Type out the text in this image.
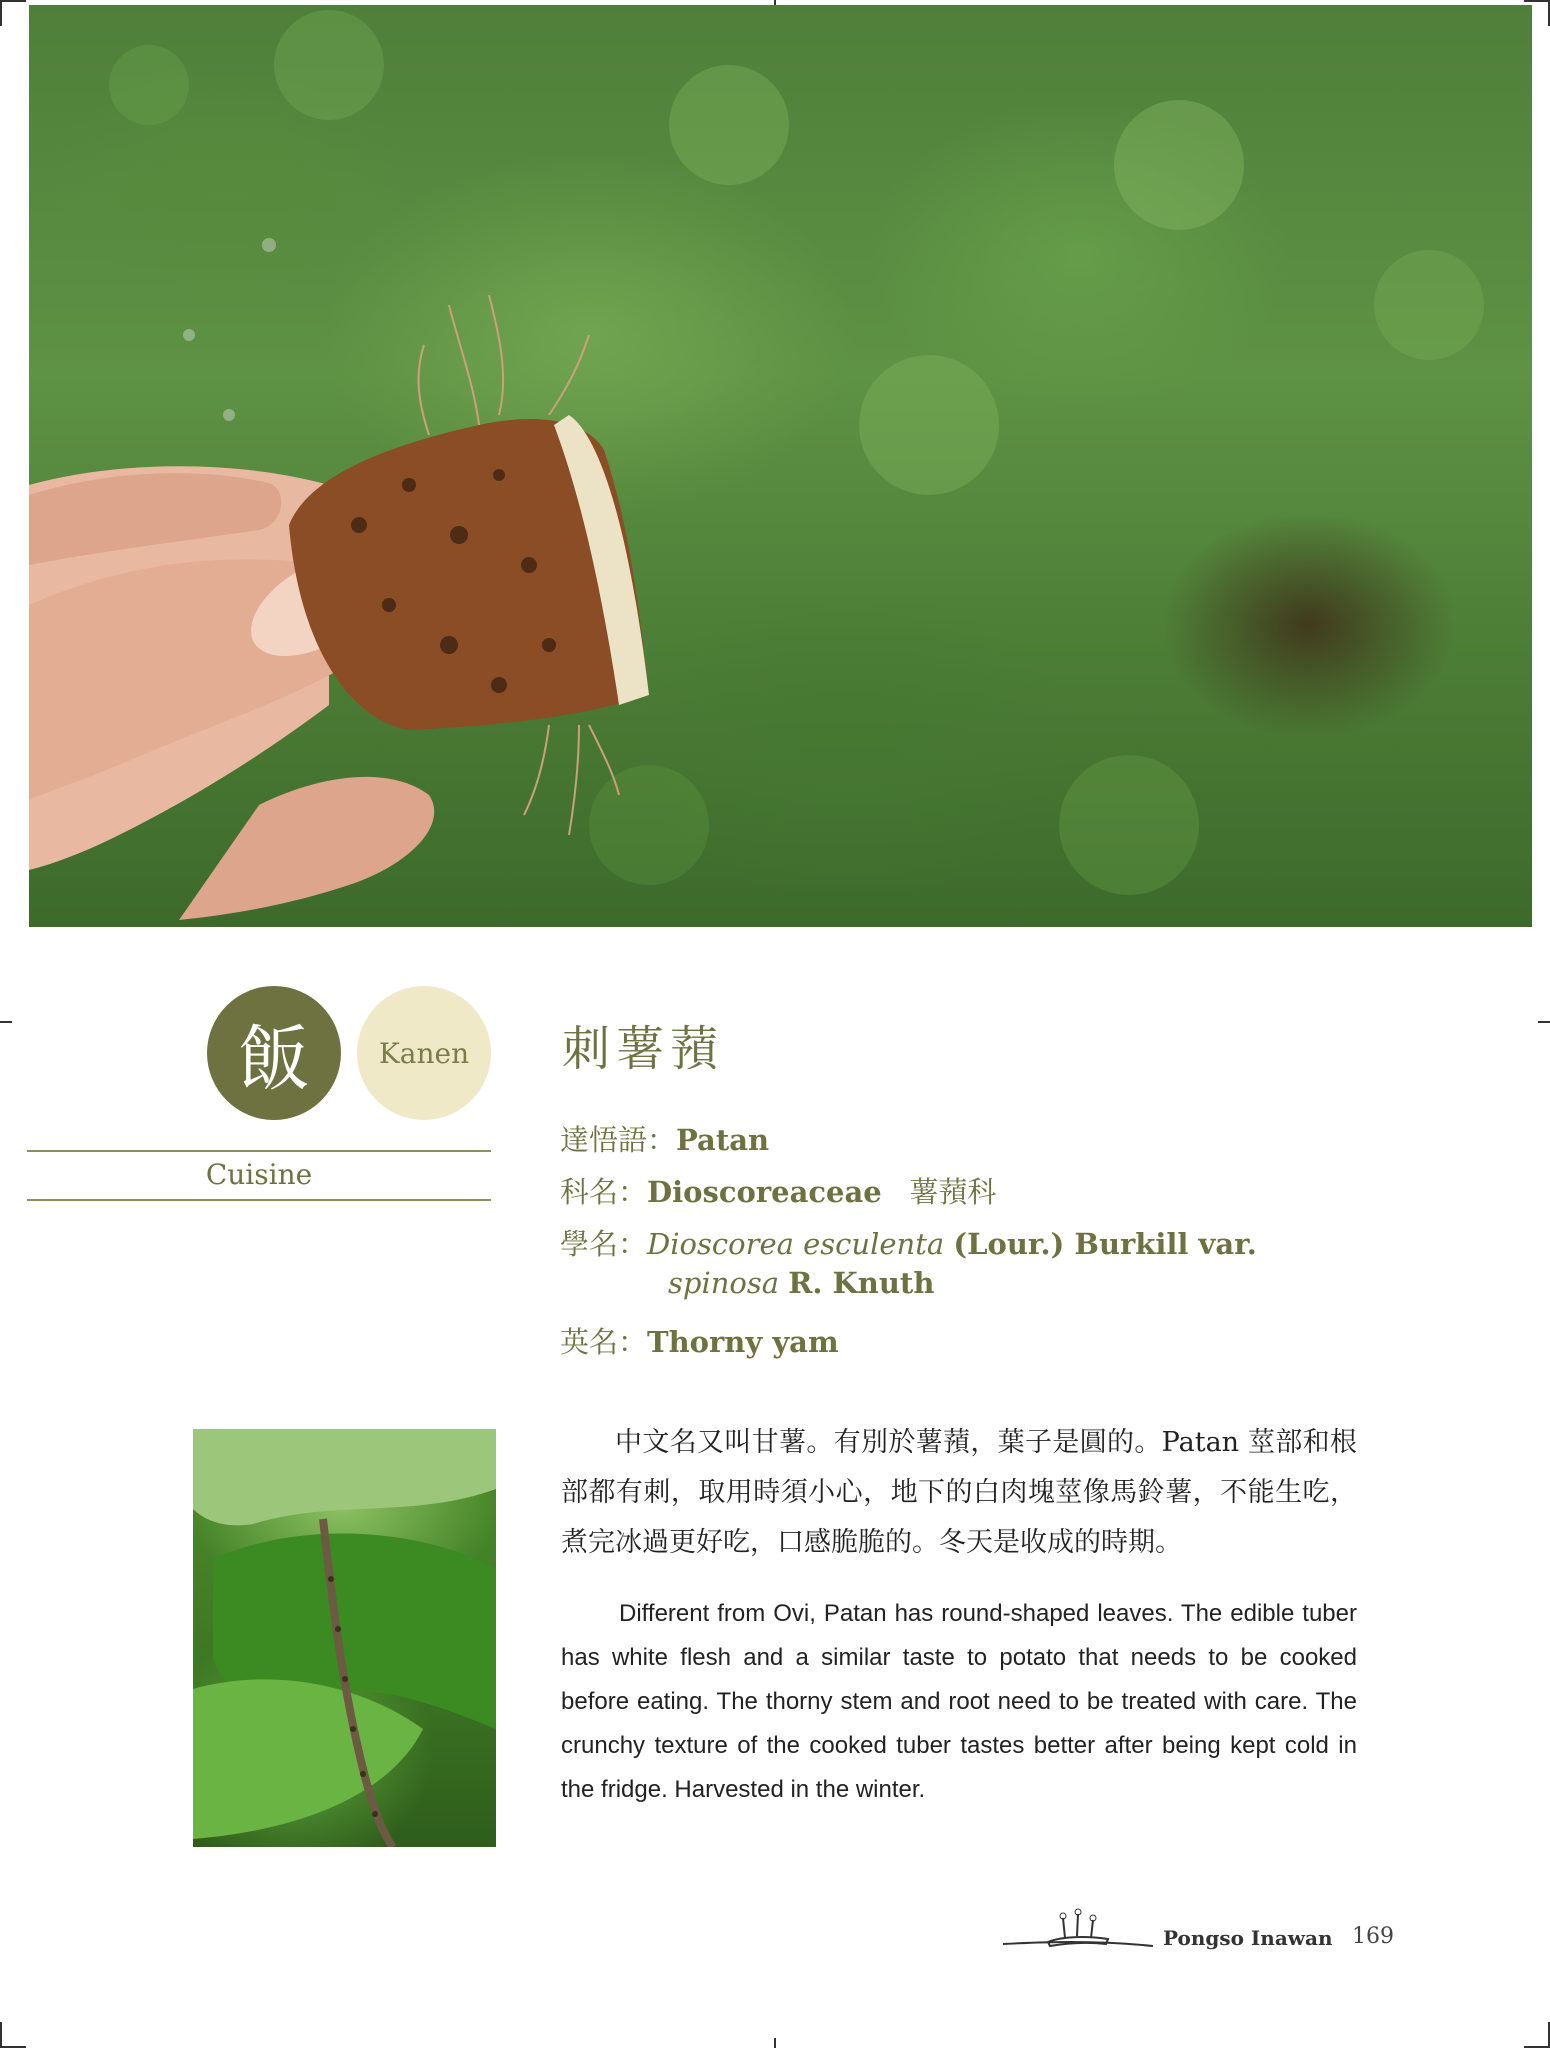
飯	Kanen
Cuisine
刺薯蕷
達悟語：Patan
科名：Dioscoreaceae 薯蕷科
學名：Dioscorea esculenta (Lour.) Burkill var.
spinosa R. Knuth
英名：Thorny yam
中文名又叫甘薯。有別於薯蕷，葉子是圓的。Patan 莖部和根部都有刺，取用時須小心，地下的白肉塊莖像馬鈴薯，不能生吃，煮完冰過更好吃，口感脆脆的。冬天是收成的時期。
Different from Ovi, Patan has round-shaped leaves. The edible tuber has white flesh and a similar taste to potato that needs to be cooked before eating. The thorny stem and root need to be treated with care. The crunchy texture of the cooked tuber tastes better after being kept cold in the fridge. Harvested in the winter.
Pongso Inawan 169
